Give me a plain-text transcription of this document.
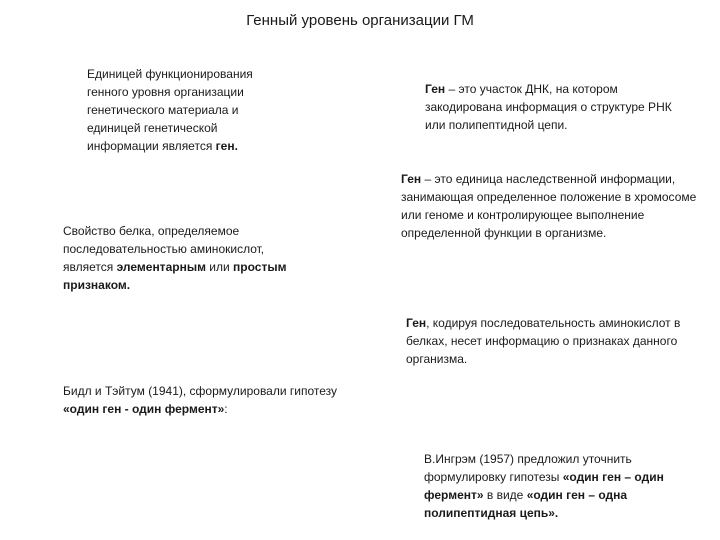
Генный уровень организации ГМ
Единицей функционирования генного уровня организации генетического материала и единицей генетической информации является ген.
Ген – это участок ДНК, на котором закодирована информация о структуре РНК или полипептидной цепи.
Ген – это единица наследственной информации, занимающая определенное положение в хромосоме или геноме и контролирующее выполнение определенной функции в организме.
Свойство белка, определяемое последовательностью аминокислот, является элементарным или простым признаком.
Ген, кодируя последовательность аминокислот в белках, несет информацию о признаках данного организма.
Бидл и Тэйтум (1941), сформулировали гипотезу «один ген - один фермент»:
В.Ингрэм (1957) предложил уточнить формулировку гипотезы «один ген – один фермент» в виде «один ген – одна полипептидная цепь».
